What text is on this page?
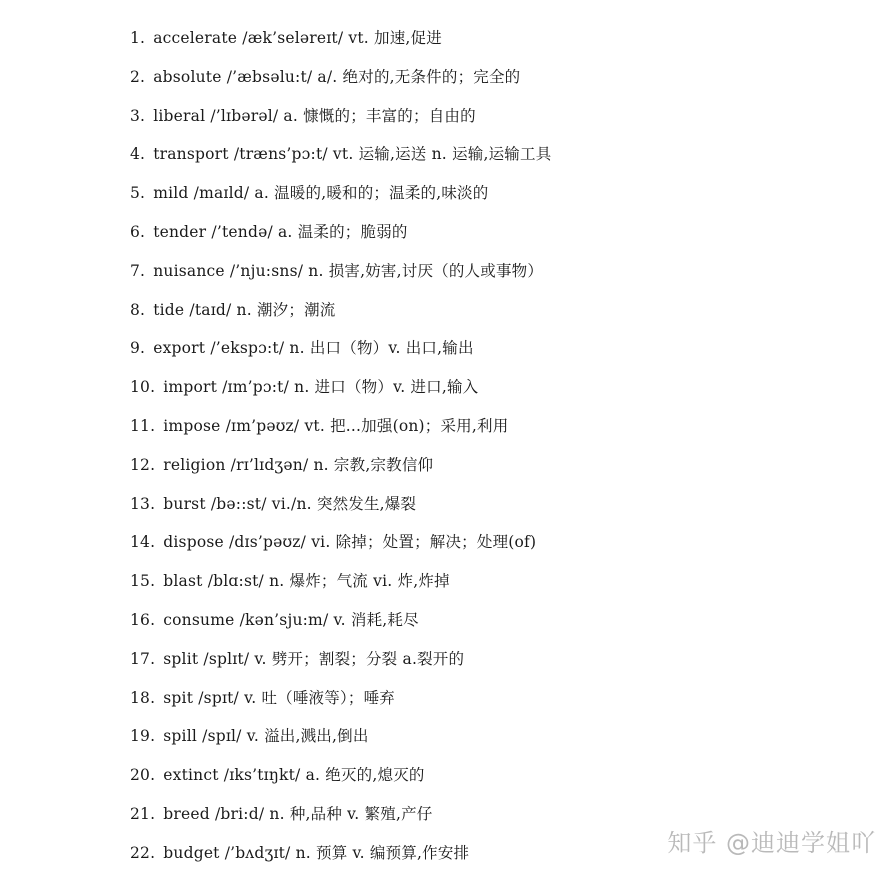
1. accelerate /æk’seləreɪt/ vt. 加速,促进
2. absolute /’æbsəlu:t/ a/. 绝对的,无条件的；完全的
3. liberal /’lɪbərəl/ a. 慷慨的；丰富的；自由的
4. transport /træns’pɔ:t/ vt. 运输,运送 n. 运输,运输工具
5. mild /maɪld/ a. 温暖的,暖和的；温柔的,味淡的
6. tender /’tendə/ a. 温柔的；脆弱的
7. nuisance /’nju:sns/ n. 损害,妨害,讨厌（的人或事物）
8. tide /taɪd/ n. 潮汐；潮流
9. export /’ekspɔ:t/ n. 出口（物）v. 出口,输出
10. import /ɪm’pɔ:t/ n. 进口（物）v. 进口,输入
11. impose /ɪm’pəʊz/ vt. 把...加强(on)；采用,利用
12. religion /rɪ’lɪdʒən/ n. 宗教,宗教信仰
13. burst /bə::st/ vi./n. 突然发生,爆裂
14. dispose /dɪs’pəʊz/ vi. 除掉；处置；解决；处理(of)
15. blast /blɑ:st/ n. 爆炸；气流 vi. 炸,炸掉
16. consume /kən’sju:m/ v. 消耗,耗尽
17. split /splɪt/ v. 劈开；割裂；分裂 a.裂开的
18. spit /spɪt/ v. 吐（唾液等）；唾弃
19. spill /spɪl/ v. 溢出,溅出,倒出
20. extinct /ɪks’tɪŋkt/ a. 绝灭的,熄灭的
21. breed /bri:d/ n. 种,品种 v. 繁殖,产仔
22. budget /’bʌdʒɪt/ n. 预算 v. 编预算,作安排	知乎 @迪迪学姐吖
